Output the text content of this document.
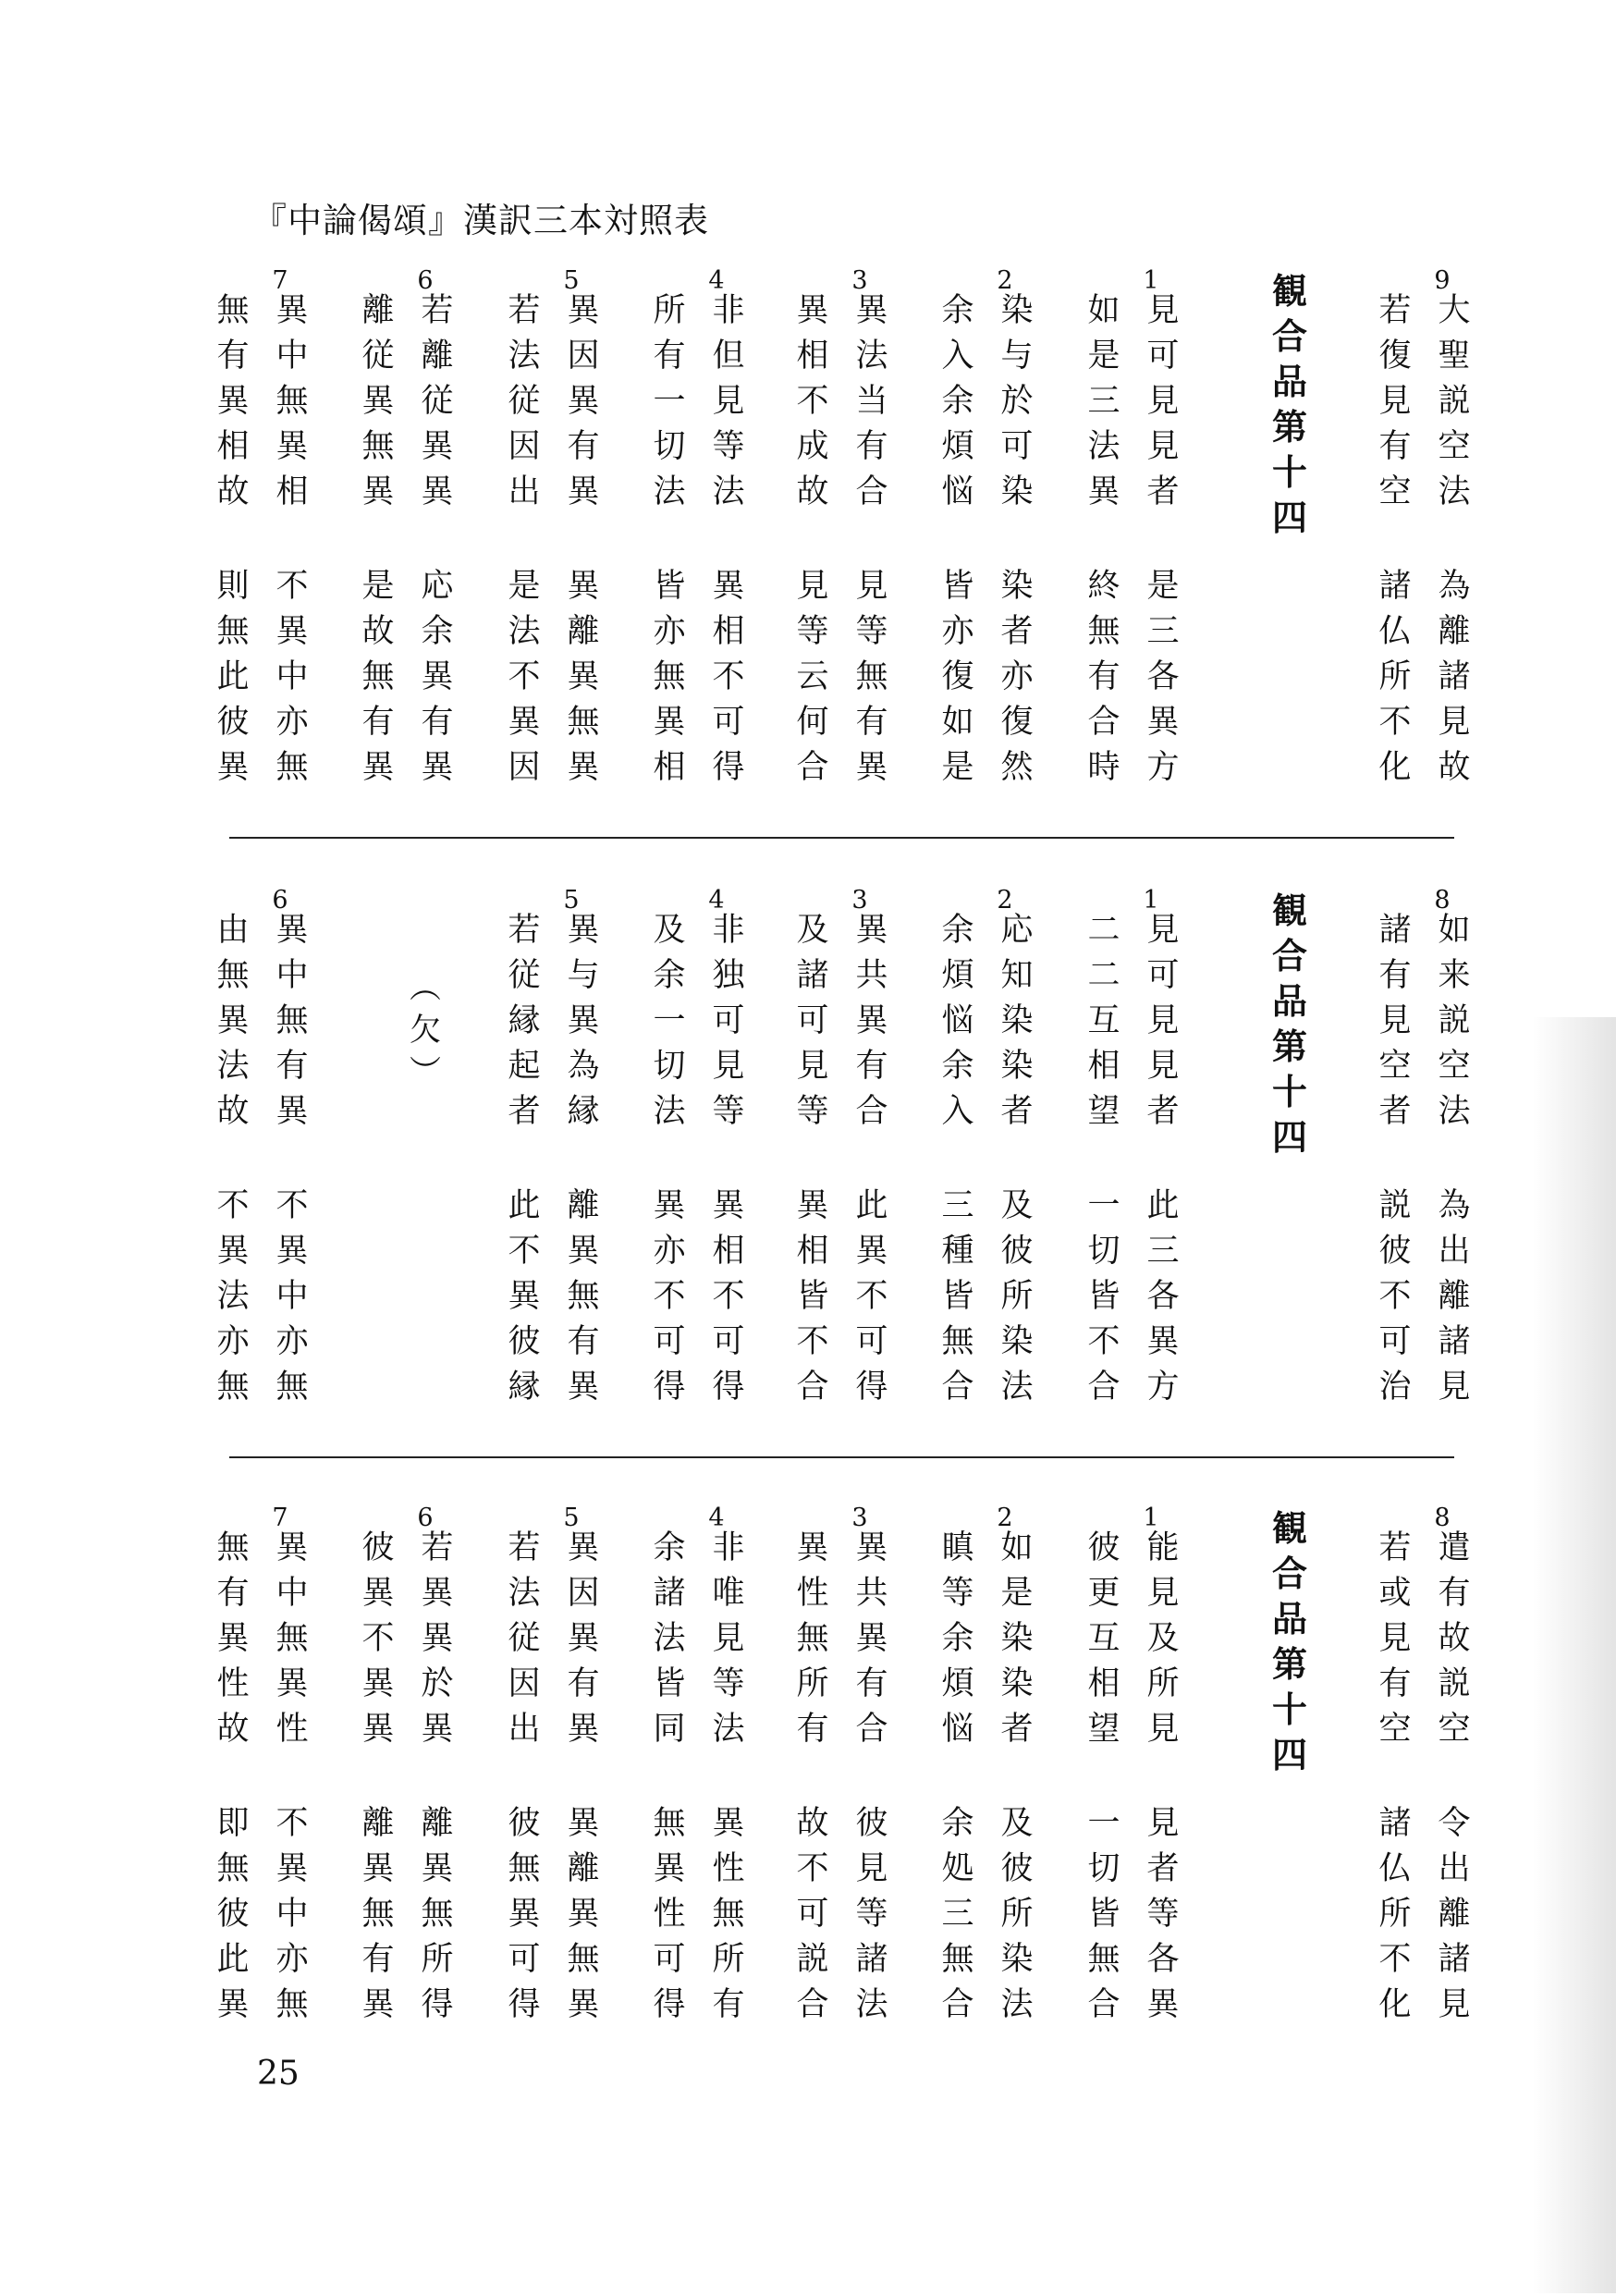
『中論偈頌』漢訳三本対照表
9
若 大
復 聖
見 説
有 空
空 法
諸 為
仏 離
所 諸
不 見
化 故
観
合
品
第
十
四
1
如 見
是 可
三 見
法 見
異 者
終 是
無 三
有 各
合 異
時 方
2
余 染
入 与
余 於
煩 可
悩 染
皆 染
亦 者
復 亦
如 復
是 然
3
異 異
相 法
不 当
成 有
故 合
見 見
等 等
云 無
何 有
合 異
4
所 非
有 但
一 見
切 等
法 法
皆 異
亦 相
無 不
異 可
相 得
5
若 異
法 因
従 異
因 有
出 異
是 異
法 離
不 異
異 無
因 異
6
離 若
従 離
異 従
無 異
異 異
是 応
故 余
無 異
有 有
異 異
7
無 異
有 中
異 無
相 異
故 相
則 不
無 異
此 中
彼 亦
異 無
8
諸 如
有 来
見 説
空 空
者 法
説 為
彼 出
不 離
可 諸
治 見
観
合
品
第
十
四
1
二 見
二 可
互 見
相 見
望 者
一 此
切 三
皆 各
不 異
合 方
2
余 応
煩 知
悩 染
余 染
入 者
三 及
種 彼
皆 所
無 染
合 法
3
及 異
諸 共
可 異
見 有
等 合
異 此
相 異
皆 不
不 可
合 得
4
及 非
余 独
一 可
切 見
法 等
異 異
亦 相
不 不
可 可
得 得
5
若 異
従 与
縁 異
起 為
者 縁
此 離
不 異
異 無
彼 有
縁 異
︵
欠
︶
6
由 異
無 中
異 無
法 有
故 異
不 不
異 異
法 中
亦 亦
無 無
8
若 遣
或 有
見 故
有 説
空 空
諸 令
仏 出
所 離
不 諸
化 見
観
合
品
第
十
四
1
彼 能
更 見
互 及
相 所
望 見
一 見
切 者
皆 等
無 各
合 異
2
瞋 如
等 是
余 染
煩 染
悩 者
余 及
処 彼
三 所
無 染
合 法
3
異 異
性 共
無 異
所 有
有 合
故 彼
不 見
可 等
説 諸
合 法
4
余 非
諸 唯
法 見
皆 等
同 法
無 異
異 性
性 無
可 所
得 有
5
若 異
法 因
従 異
因 有
出 異
彼 異
無 離
異 異
可 無
得 異
6
彼 若
異 異
不 異
異 於
異 異
離 離
異 異
無 無
有 所
異 得
7
無 異
有 中
異 無
性 異
故 性
即 不
無 異
彼 中
此 亦
異 無
25
